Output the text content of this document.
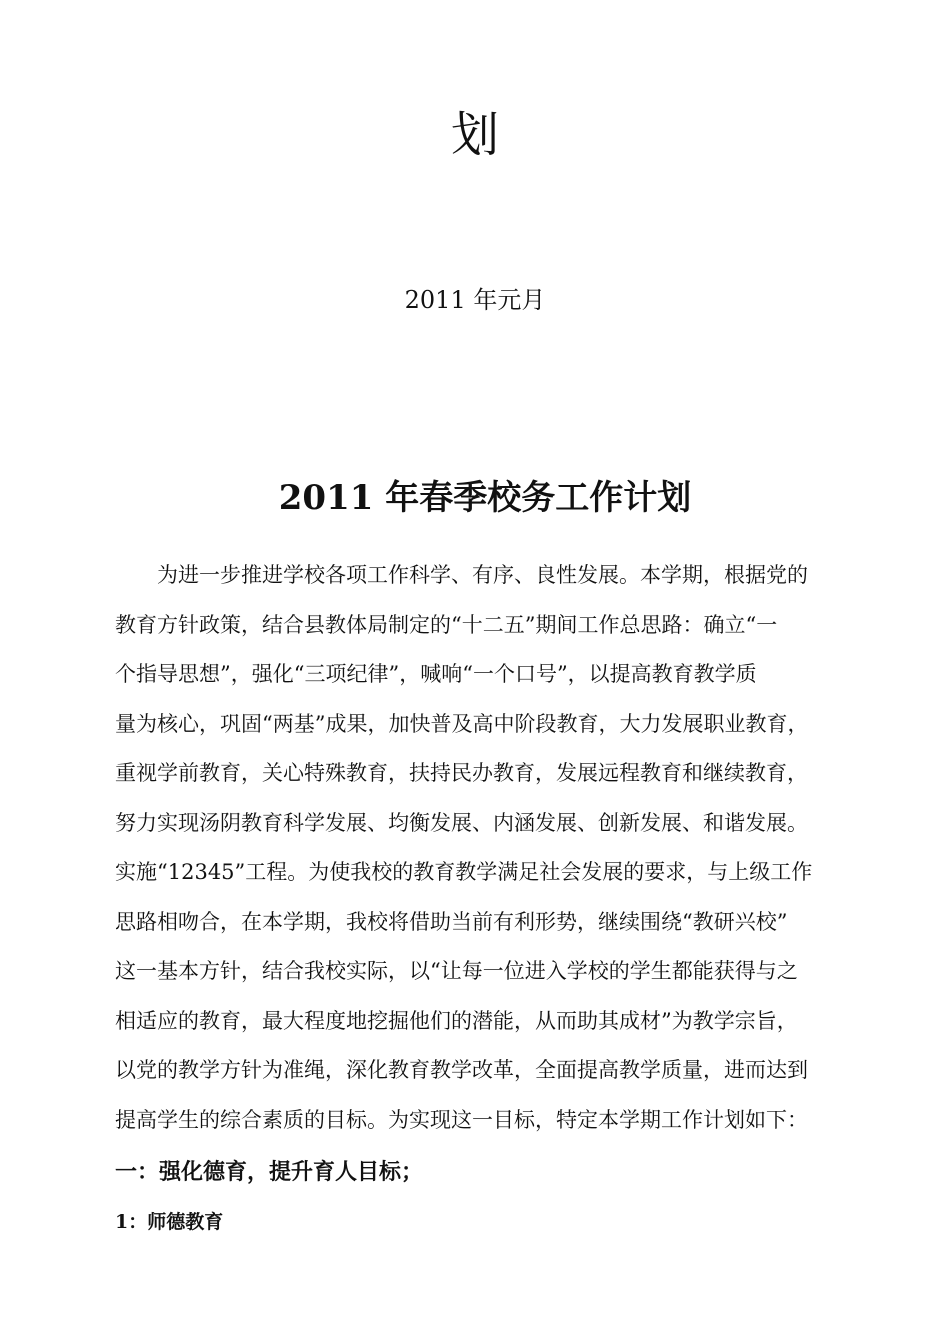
划
2011 年元月
2011 年春季校务工作计划
为进一步推进学校各项工作科学、有序、良性发展。本学期，根据党的
教育方针政策，结合县教体局制定的“十二五”期间工作总思路：确立“一
个指导思想”，强化“三项纪律”，喊响“一个口号”，以提高教育教学质
量为核心，巩固“两基”成果，加快普及高中阶段教育，大力发展职业教育，
重视学前教育，关心特殊教育，扶持民办教育，发展远程教育和继续教育，
努力实现汤阴教育科学发展、均衡发展、内涵发展、创新发展、和谐发展。
实施“12345”工程。为使我校的教育教学满足社会发展的要求，与上级工作
思路相吻合，在本学期，我校将借助当前有利形势，继续围绕“教研兴校”
这一基本方针，结合我校实际，以“让每一位进入学校的学生都能获得与之
相适应的教育，最大程度地挖掘他们的潜能，从而助其成材”为教学宗旨，
以党的教学方针为准绳，深化教育教学改革，全面提高教学质量，进而达到
提高学生的综合素质的目标。为实现这一目标，特定本学期工作计划如下：
一：强化德育，提升育人目标；
1：师德教育
